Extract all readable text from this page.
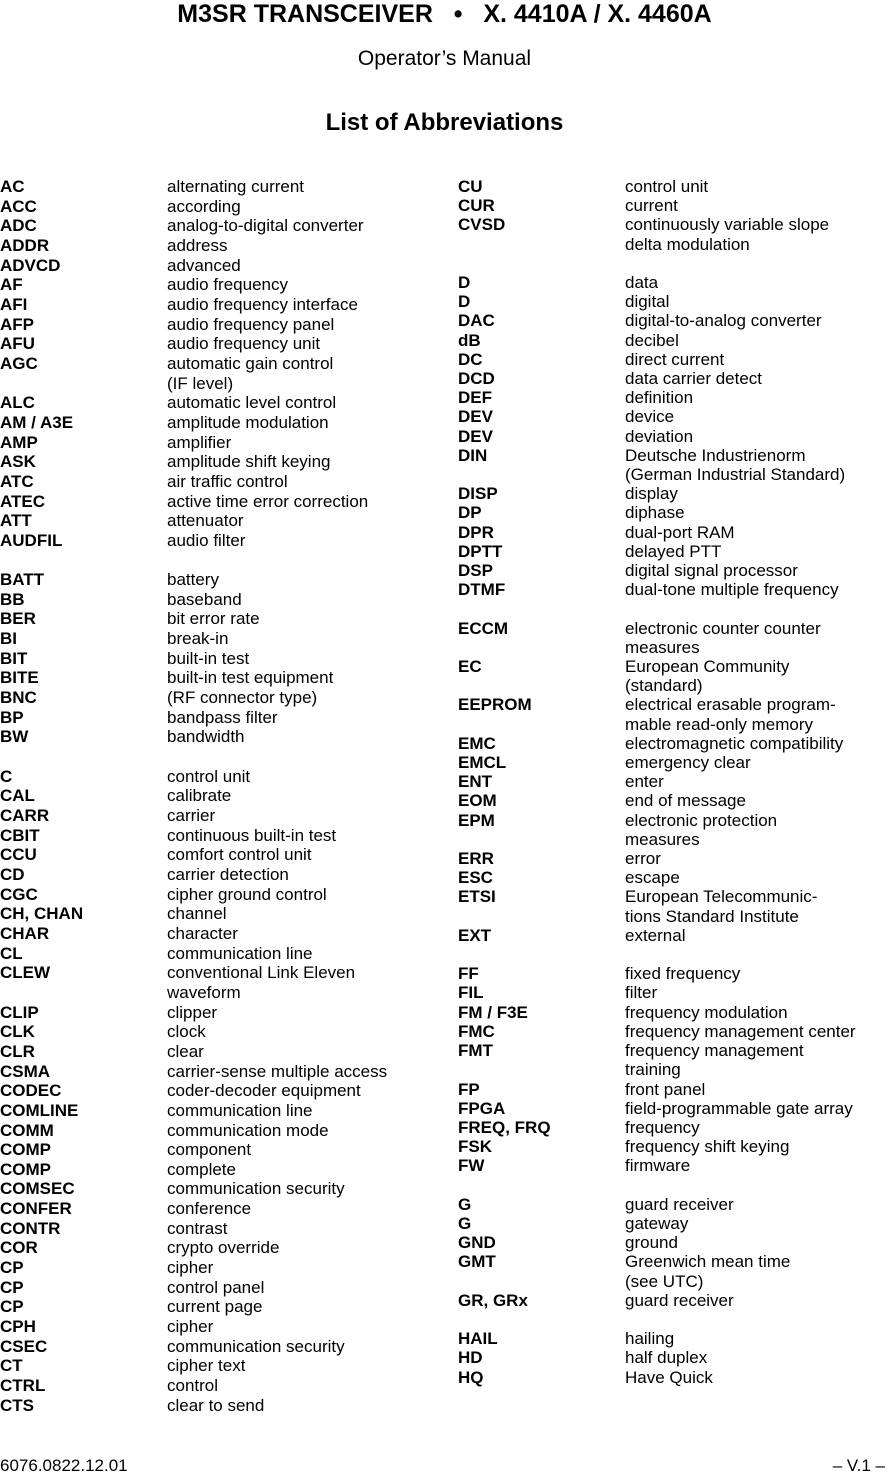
M3SR TRANSCEIVER   •   X. 4410A / X. 4460A
Operator’s Manual
List of Abbreviations
AC	alternating current
ACC	according
ADC	analog-to-digital converter
ADDR	address
ADVCD	advanced
AF	audio frequency
AFI	audio frequency interface
AFP	audio frequency panel
AFU	audio frequency unit
AGC	automatic gain control
(IF level)
ALC	automatic level control
AM / A3E	amplitude modulation
AMP	amplifier
ASK	amplitude shift keying
ATC	air traffic control
ATEC	active time error correction
ATT	attenuator
AUDFIL	audio filter
BATT	battery
BB	baseband
BER	bit error rate
BI	break-in
BIT	built-in test
BITE	built-in test equipment
BNC	(RF connector type)
BP	bandpass filter
BW	bandwidth
C	control unit
CAL	calibrate
CARR	carrier
CBIT	continuous built-in test
CCU	comfort control unit
CD	carrier detection
CGC	cipher ground control
CH, CHAN	channel
CHAR	character
CL	communication line
CLEW	conventional Link Eleven
waveform
CLIP	clipper
CLK	clock
CLR	clear
CSMA	carrier-sense multiple access
CODEC	coder-decoder equipment
COMLINE	communication line
COMM	communication mode
COMP	component
COMP	complete
COMSEC	communication security
CONFER	conference
CONTR	contrast
COR	crypto override
CP	cipher
CP	control panel
CP	current page
CPH	cipher
CSEC	communication security
CT	cipher text
CTRL	control
CTS	clear to send
CU	control unit
CUR	current
CVSD	continuously variable slope
delta modulation
D	data
D	digital
DAC	digital-to-analog converter
dB	decibel
DC	direct current
DCD	data carrier detect
DEF	definition
DEV	device
DEV	deviation
DIN	Deutsche Industrienorm
(German Industrial Standard)
DISP	display
DP	diphase
DPR	dual-port RAM
DPTT	delayed PTT
DSP	digital signal processor
DTMF	dual-tone multiple frequency
ECCM	electronic counter counter
measures
EC	European Community
(standard)
EEPROM	electrical erasable program-
mable read-only memory
EMC	electromagnetic compatibility
EMCL	emergency clear
ENT	enter
EOM	end of message
EPM	electronic protection
measures
ERR	error
ESC	escape
ETSI	European Telecommunic-
tions Standard Institute
EXT	external
FF	fixed frequency
FIL	filter
FM / F3E	frequency modulation
FMC	frequency management center
FMT	frequency management
training
FP	front panel
FPGA	field-programmable gate array
FREQ, FRQ	frequency
FSK	frequency shift keying
FW	firmware
G	guard receiver
G	gateway
GND	ground
GMT	Greenwich mean time
(see UTC)
GR, GRx	guard receiver
HAIL	hailing
HD	half duplex
HQ	Have Quick
6076.0822.12.01	– V.1 –
